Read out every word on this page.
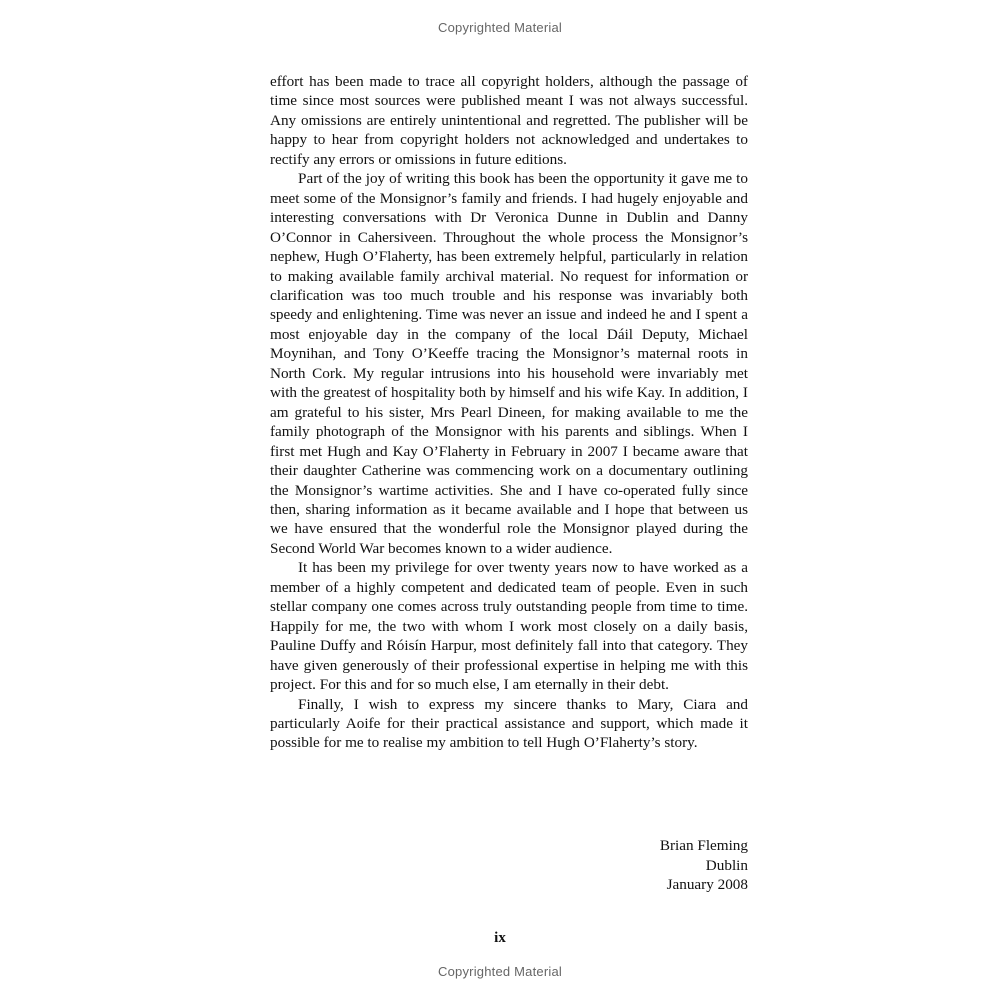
Copyrighted Material

effort has been made to trace all copyright holders, although the passage of time since most sources were published meant I was not always successful. Any omissions are entirely unintentional and regretted. The publisher will be happy to hear from copyright holders not acknowledged and undertakes to rectify any errors or omissions in future editions.

Part of the joy of writing this book has been the opportunity it gave me to meet some of the Monsignor’s family and friends. I had hugely enjoyable and interesting conversations with Dr Veronica Dunne in Dublin and Danny O’Connor in Cahersiveen. Throughout the whole process the Monsignor’s nephew, Hugh O’Flaherty, has been extremely helpful, particularly in relation to making available family archival material. No request for information or clarification was too much trouble and his response was invariably both speedy and enlightening. Time was never an issue and indeed he and I spent a most enjoyable day in the company of the local Dáil Deputy, Michael Moynihan, and Tony O’Keeffe tracing the Monsignor’s maternal roots in North Cork. My regular intrusions into his household were invariably met with the greatest of hospitality both by himself and his wife Kay. In addition, I am grateful to his sister, Mrs Pearl Dineen, for making available to me the family photograph of the Monsignor with his parents and siblings. When I first met Hugh and Kay O’Flaherty in February in 2007 I became aware that their daughter Catherine was commencing work on a documentary outlining the Monsignor’s wartime activities. She and I have co-operated fully since then, sharing information as it became available and I hope that between us we have ensured that the wonderful role the Monsignor played during the Second World War becomes known to a wider audience.

It has been my privilege for over twenty years now to have worked as a member of a highly competent and dedicated team of people. Even in such stellar company one comes across truly outstanding people from time to time. Happily for me, the two with whom I work most closely on a daily basis, Pauline Duffy and Róisín Harpur, most definitely fall into that category. They have given generously of their professional expertise in helping me with this project. For this and for so much else, I am eternally in their debt.

Finally, I wish to express my sincere thanks to Mary, Ciara and particularly Aoife for their practical assistance and support, which made it possible for me to realise my ambition to tell Hugh O’Flaherty’s story.

Brian Fleming
Dublin
January 2008
ix
Copyrighted Material
